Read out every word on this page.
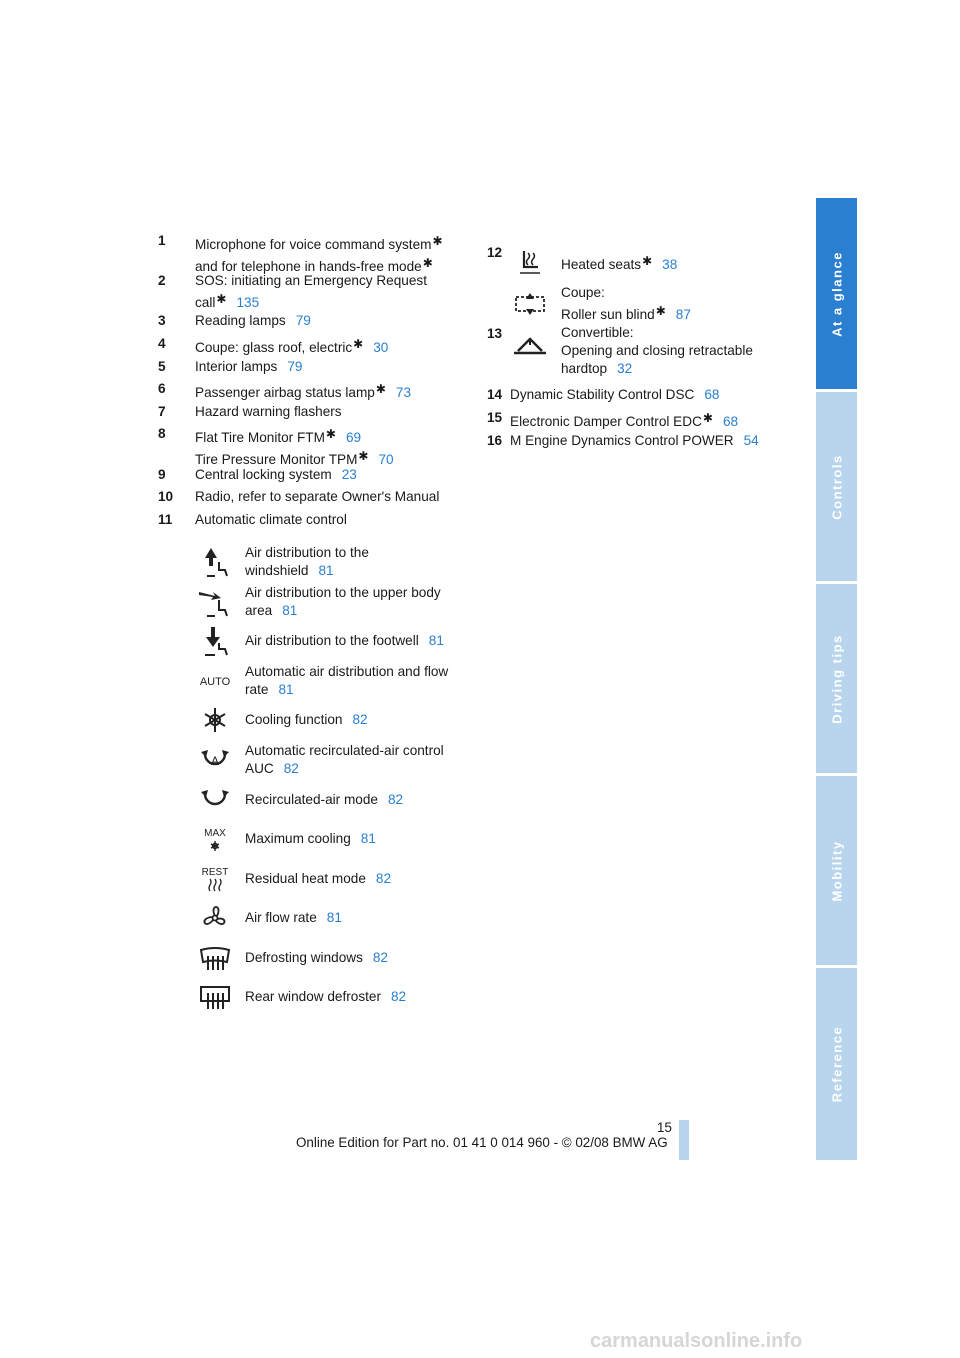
1	Microphone for voice command system✱
and for telephone in hands-free mode✱
2	SOS: initiating an Emergency Request
call✱ 135
3	Reading lamps 79
4	Coupe: glass roof, electric✱ 30
5	Interior lamps 79
6	Passenger airbag status lamp✱ 73
7	Hazard warning flashers
8	Flat Tire Monitor FTM✱ 69
Tire Pressure Monitor TPM✱ 70
9	Central locking system 23
10	Radio, refer to separate Owner's Manual
11	Automatic climate control
Air distribution to the
windshield 81
Air distribution to the upper body
area 81
Air distribution to the footwell 81
AUTO
Automatic air distribution and flow
rate 81
Cooling function 82
A
Automatic recirculated-air control
AUC 82
Recirculated-air mode 82
MAX Maximum cooling 81
REST Residual heat mode 82
Air flow rate 81
Defrosting windows 82
Rear window defroster 82
12
Heated seats✱ 38
13
Coupe:
Roller sun blind✱ 87
Convertible:
Opening and closing retractable
hardtop 32
14 Dynamic Stability Control DSC 68
15 Electronic Damper Control EDC✱ 68
16 M Engine Dynamics Control POWER 54
At a glance
Controls
Driving tips
Mobility
Reference
15
Online Edition for Part no. 01 41 0 014 960 - © 02/08 BMW AG
carmanualsonline.info
